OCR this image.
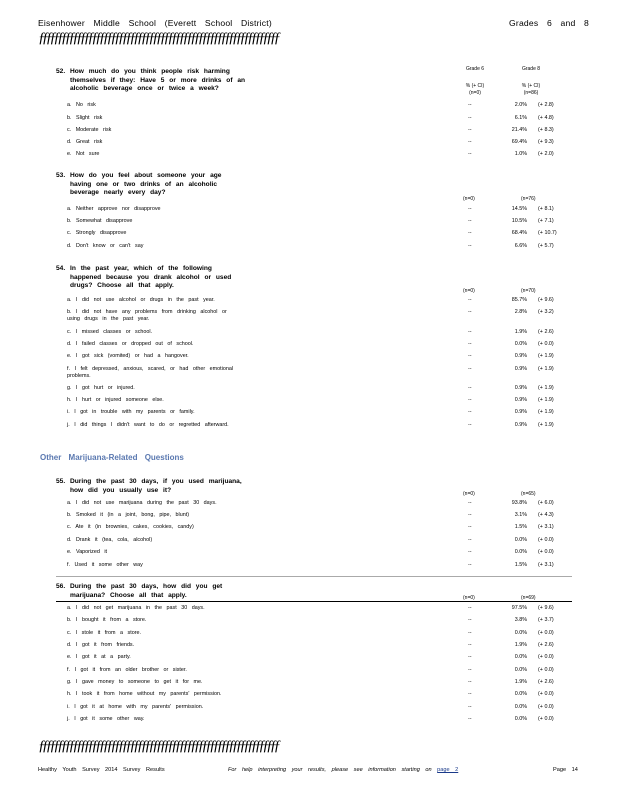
Eisenhower Middle School (Everett School District)	Grades 6 and 8
ƒƒƒƒƒƒƒƒƒƒƒƒƒƒƒƒƒƒƒƒƒƒƒƒƒƒƒƒƒƒƒƒƒƒƒƒƒƒƒƒƒƒƒƒƒƒƒƒƒƒƒƒƒƒƒƒƒƒƒƒƒƒƒ
Grade 6	Grade 8
% (+ CI)	% (+ CI)
(n=0)	(n=86)
52. How much do you think people risk harming
themselves if they: Have 5 or more drinks of an
alcoholic beverage once or twice a week?
a. No risk	--	2.0% (+ 2.8)
b. Slight risk	--	6.1% (+ 4.8)
c. Moderate risk	--	21.4% (+ 8.3)
d. Great risk	--	69.4% (+ 9.3)
e. Not sure	--	1.0% (+ 2.0)
53. How do you feel about someone your age
having one or two drinks of an alcoholic
beverage nearly every day?
(n=0)	(n=76)
a. Neither approve nor disapprove	--	14.5% (+ 8.1)
b. Somewhat disapprove	--	10.5% (+ 7.1)
c. Strongly disapprove	--	68.4% (+ 10.7)
d. Don't know or can't say	--	6.6% (+ 5.7)
54. In the past year, which of the following
happened because you drank alcohol or used
drugs? Choose all that apply.
(n=0)	(n=70)
a. I did not use alcohol or drugs in the past year.	--	85.7% (+ 9.6)
b. I did not have any problems from drinking alcohol or
using drugs in the past year.
--	2.8% (+ 3.2)
c. I missed classes or school.	--	1.9% (+ 2.6)
d. I failed classes or dropped out of school.	--	0.0% (+ 0.0)
e. I got sick (vomited) or had a hangover.	--	0.9% (+ 1.9)
f. I felt depressed, anxious, scared, or had other emotional
problems.
--	0.9% (+ 1.9)
g. I got hurt or injured.	--	0.9% (+ 1.9)
h. I hurt or injured someone else.	--	0.9% (+ 1.9)
i. I got in trouble with my parents or family.	--	0.9% (+ 1.9)
j. I did things I didn't want to do or regretted afterward.	--	0.9% (+ 1.9)
Other Marijuana-Related Questions
55. During the past 30 days, if you used marijuana,
how did you usually use it?
(n=0)	(n=65)
a. I did not use marijuana during the past 30 days.	--	93.8% (+ 6.0)
b. Smoked it (in a joint, bong, pipe, blunt)	--	3.1% (+ 4.3)
c. Ate it (in brownies, cakes, cookies, candy)	--	1.5% (+ 3.1)
d. Drank it (tea, cola, alcohol)	--	0.0% (+ 0.0)
e. Vaporized it	--	0.0% (+ 0.0)
f. Used it some other way	--	1.5% (+ 3.1)
56. During the past 30 days, how did you get
marijuana? Choose all that apply.	(n=0)	(n=69)
a. I did not get marijuana in the past 30 days.	--	97.5% (+ 9.6)
b. I bought it from a store.	--	3.8% (+ 3.7)
c. I stole it from a store.	--	0.0% (+ 0.0)
d. I got it from friends.	--	1.9% (+ 2.6)
e. I got it at a party.	--	0.0% (+ 0.0)
f. I got it from an older brother or sister.	--	0.0% (+ 0.0)
g. I gave money to someone to get it for me.	--	1.9% (+ 2.6)
h. I took it from home without my parents' permission.	--	0.0% (+ 0.0)
i. I got it at home with my parents' permission.	--	0.0% (+ 0.0)
j. I got it some other way.	--	0.0% (+ 0.0)
ƒƒƒƒƒƒƒƒƒƒƒƒƒƒƒƒƒƒƒƒƒƒƒƒƒƒƒƒƒƒƒƒƒƒƒƒƒƒƒƒƒƒƒƒƒƒƒƒƒƒƒƒƒƒƒƒƒƒƒƒƒƒƒ
Healthy Youth Survey 2014 Survey Results	For help interpreting your results, please see information starting on page 2	Page 14
